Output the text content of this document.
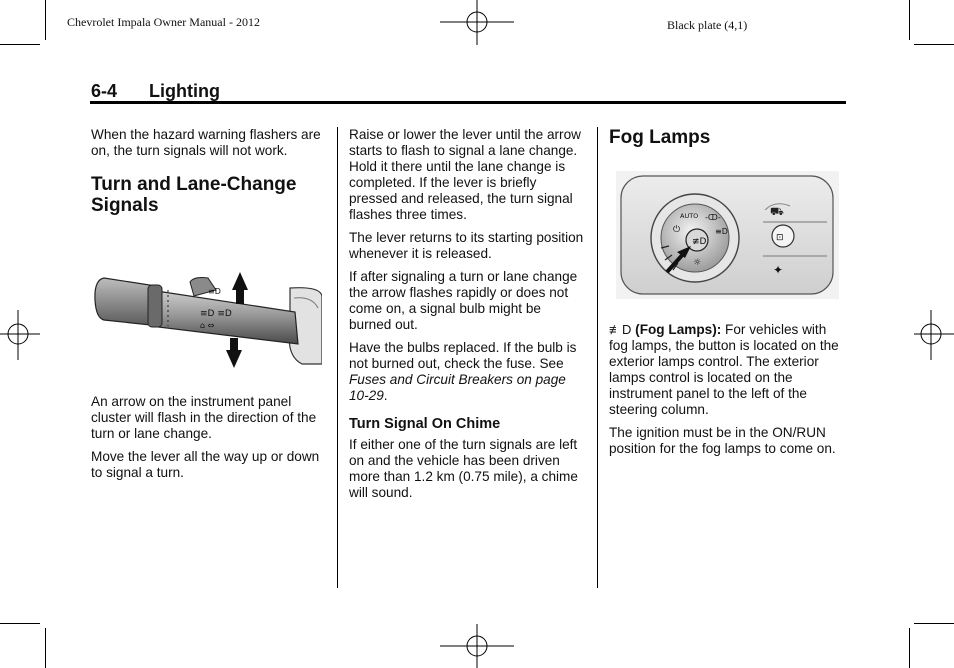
Chevrolet Impala Owner Manual - 2012	Black plate (4,1)
6-4 Lighting

When the hazard warning flashers are on, the turn signals will not work.

Turn and Lane-Change Signals
≡D
≡D ≡D
⌂ ⇔

An arrow on the instrument panel cluster will flash in the direction of the turn or lane change.

Move the lever all the way up or down to signal a turn.

Raise or lower the lever until the arrow starts to flash to signal a lane change. Hold it there until the lane change is completed. If the lever is briefly pressed and released, the turn signal flashes three times.

The lever returns to its starting position whenever it is released.

If after signaling a turn or lane change the arrow flashes rapidly or does not come on, a signal bulb might be burned out.

Have the bulbs replaced. If the bulb is not burned out, check the fuse. See Fuses and Circuit Breakers on page 10-29.

Turn Signal On Chime

If either one of the turn signals are left on and the vehicle has been driven more than 1.2 km (0.75 mile), a chime will sound.

Fog Lamps
≢D
AUTO -ↀ-
⏻	≡D
☼
⛟
⊡
✦

≢D (Fog Lamps): For vehicles with fog lamps, the button is located on the exterior lamps control. The exterior lamps control is located on the instrument panel to the left of the steering column.

The ignition must be in the ON/RUN position for the fog lamps to come on.
